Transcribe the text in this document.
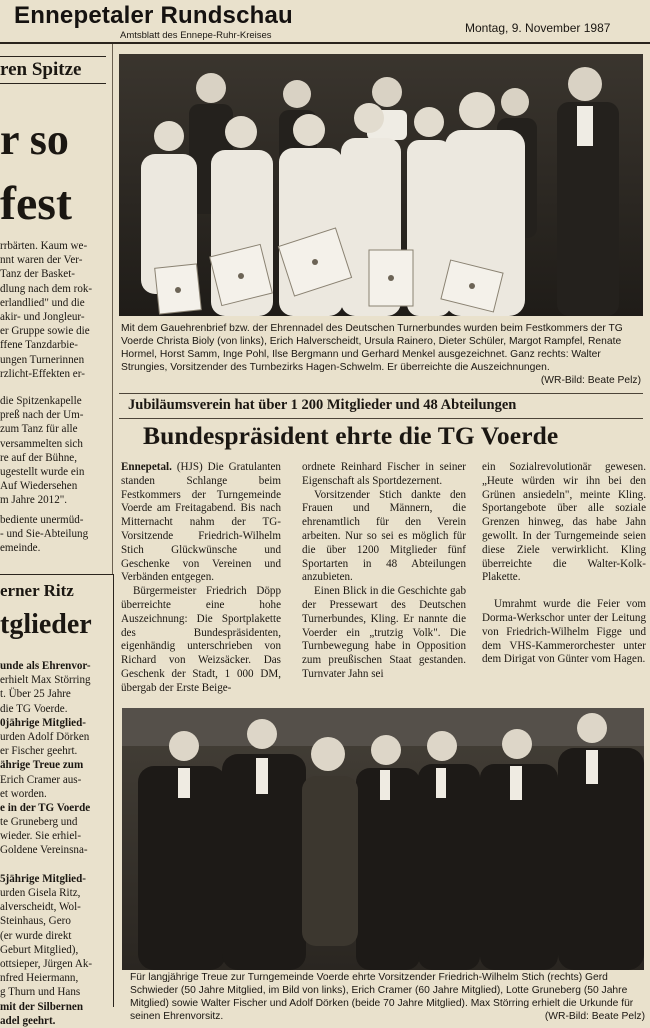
Ennepetaler Rundschau
Amtsblatt des Ennepe-Ruhr-Kreises
Montag, 9. November 1987
ren Spitze
r so
fest
rrbärten. Kaum we-
nnt waren der Ver-
Tanz der Basket-
dlung nach dem rok-
erlandlied" und die
akir- und Jongleur-
er Gruppe sowie die
ffene Tanzdarbie-
ungen Turnerinnen
rzlicht-Effekten er-
die Spitzenkapelle
preß nach der Um-
zum Tanz für alle
versammelten sich
re auf der Bühne,
ugestellt wurde ein
Auf Wiedersehen
m Jahre 2012".
bediente unermüd-
- und Sie-Abteilung
emeinde.
erner Ritz
tglieder
unde als Ehrenvor-
erhielt Max Störring
t. Über 25 Jahre
die TG Voerde.
0jährige Mitglied-
urden Adolf Dörken
er Fischer geehrt.
ährige Treue zum
Erich Cramer aus-
et worden.
e in der TG Voerde
te Gruneberg und
wieder. Sie erhiel-
Goldene Vereinsna-
5jährige Mitglied-
urden Gisela Ritz,
alverscheidt, Wol-
Steinhaus, Gero
(er wurde direkt
Geburt Mitglied),
ottsieper, Jürgen Ak-
nfred Heiermann,
g Thurn und Hans
mit der Silbernen
adel geehrt.
Mit dem Gauehrenbrief bzw. der Ehrennadel des Deutschen Turnerbundes wurden beim Festkommers der TG Voerde Christa Bioly (von links), Erich Halverscheidt, Ursula Rainero, Dieter Schüler, Margot Rampfel, Renate Hormel, Horst Samm, Inge Pohl, Ilse Bergmann und Gerhard Menkel ausgezeichnet. Ganz rechts: Walter Strungies, Vorsitzender des Turnbezirks Hagen-Schwelm. Er überreichte die Auszeichnungen.
(WR-Bild: Beate Pelz)
Jubiläumsverein hat über 1 200 Mitglieder und 48 Abteilungen
Bundespräsident ehrte die TG Voerde

Ennepetal. (HJS) Die Gratulanten standen Schlange beim Festkommers der Turngemeinde Voerde am Freitagabend. Bis nach Mitternacht nahm der TG-Vorsitzende Friedrich-Wilhelm Stich Glückwünsche und Geschenke von Vereinen und Verbänden entgegen.

Bürgermeister Friedrich Döpp überreichte eine hohe Auszeichnung: Die Sportplakette des Bundespräsidenten, eigenhändig unterschrieben von Richard von Weizsäcker. Das Geschenk der Stadt, 1 000 DM, übergab der Erste Beige-

ordnete Reinhard Fischer in seiner Eigenschaft als Sportdezernent.

Vorsitzender Stich dankte den Frauen und Männern, die ehrenamtlich für den Verein arbeiten. Nur so sei es möglich für die über 1200 Mitglieder fünf Sportarten in 48 Abteilungen anzubieten.

Einen Blick in die Geschichte gab der Pressewart des Deutschen Turnerbundes, Kling. Er nannte die Voerder ein „trutzig Volk". Die Turnbewegung habe in Opposition zum preußischen Staat gestanden. Turnvater Jahn sei

ein Sozialrevolutionär gewesen. „Heute würden wir ihn bei den Grünen ansiedeln", meinte Kling. Sportangebote über alle soziale Grenzen hinweg, das habe Jahn gewollt. In der Turngemeinde seien diese Ziele verwirklicht. Kling überreichte die Walter-Kolk-Plakette.

Umrahmt wurde die Feier vom Dorma-Werkschor unter der Leitung von Friedrich-Wilhelm Figge und dem VHS-Kammerorchester unter dem Dirigat von Günter vom Hagen.

Für langjährige Treue zur Turngemeinde Voerde ehrte Vorsitzender Friedrich-Wilhelm Stich (rechts) Gerd Schwieder (50 Jahre Mitglied, im Bild von links), Erich Cramer (60 Jahre Mitglied), Lotte Gruneberg (50 Jahre Mitglied) sowie Walter Fischer und Adolf Dörken (beide 70 Jahre Mitglied). Max Störring erhielt die Urkunde für seinen Ehrenvorsitz.	(WR-Bild: Beate Pelz)
